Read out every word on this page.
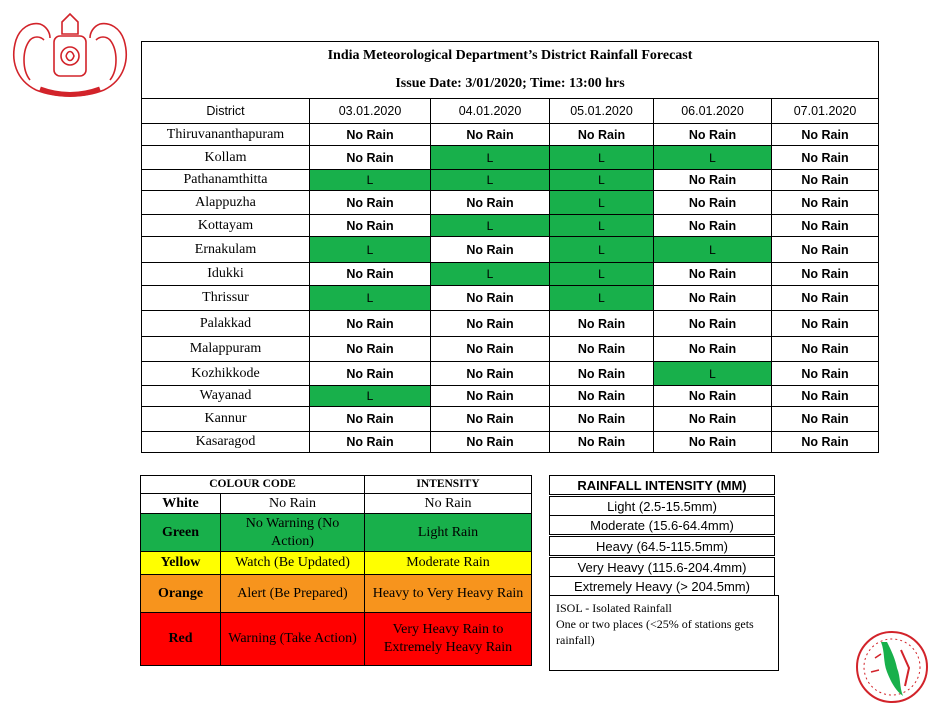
India Meteorological Department’s District Rainfall Forecast					
Issue Date: 3/01/2020; Time: 13:00 hrs					
District	03.01.2020	04.01.2020	05.01.2020	06.01.2020	07.01.2020
Thiruvananthapuram	No Rain	No Rain	No Rain	No Rain	No Rain
Kollam	No Rain	L	L	L	No Rain
Pathanamthitta	L	L	L	No Rain	No Rain
Alappuzha	No Rain	No Rain	L	No Rain	No Rain
Kottayam	No Rain	L	L	No Rain	No Rain
Ernakulam	L	No Rain	L	L	No Rain
Idukki	No Rain	L	L	No Rain	No Rain
Thrissur	L	No Rain	L	No Rain	No Rain
Palakkad	No Rain	No Rain	No Rain	No Rain	No Rain
Malappuram	No Rain	No Rain	No Rain	No Rain	No Rain
Kozhikkode	No Rain	No Rain	No Rain	L	No Rain
Wayanad	L	No Rain	No Rain	No Rain	No Rain
Kannur	No Rain	No Rain	No Rain	No Rain	No Rain
Kasaragod	No Rain	No Rain	No Rain	No Rain	No Rain
COLOUR CODE		INTENSITY
White	No Rain	No Rain
Green	No Warning (No Action)	Light Rain
Yellow	Watch (Be Updated)	Moderate Rain
Orange	Alert (Be Prepared)	Heavy to Very Heavy Rain
Red	Warning (Take Action)	Very Heavy Rain to Extremely Heavy Rain
RAINFALL INTENSITY (MM)

Light (2.5-15.5mm)
Moderate (15.6-64.4mm)

Heavy (64.5-115.5mm)

Very Heavy (115.6-204.4mm)
Extremely Heavy (> 204.5mm)
ISOL - Isolated Rainfall
One or two places (<25% of stations gets rainfall)
